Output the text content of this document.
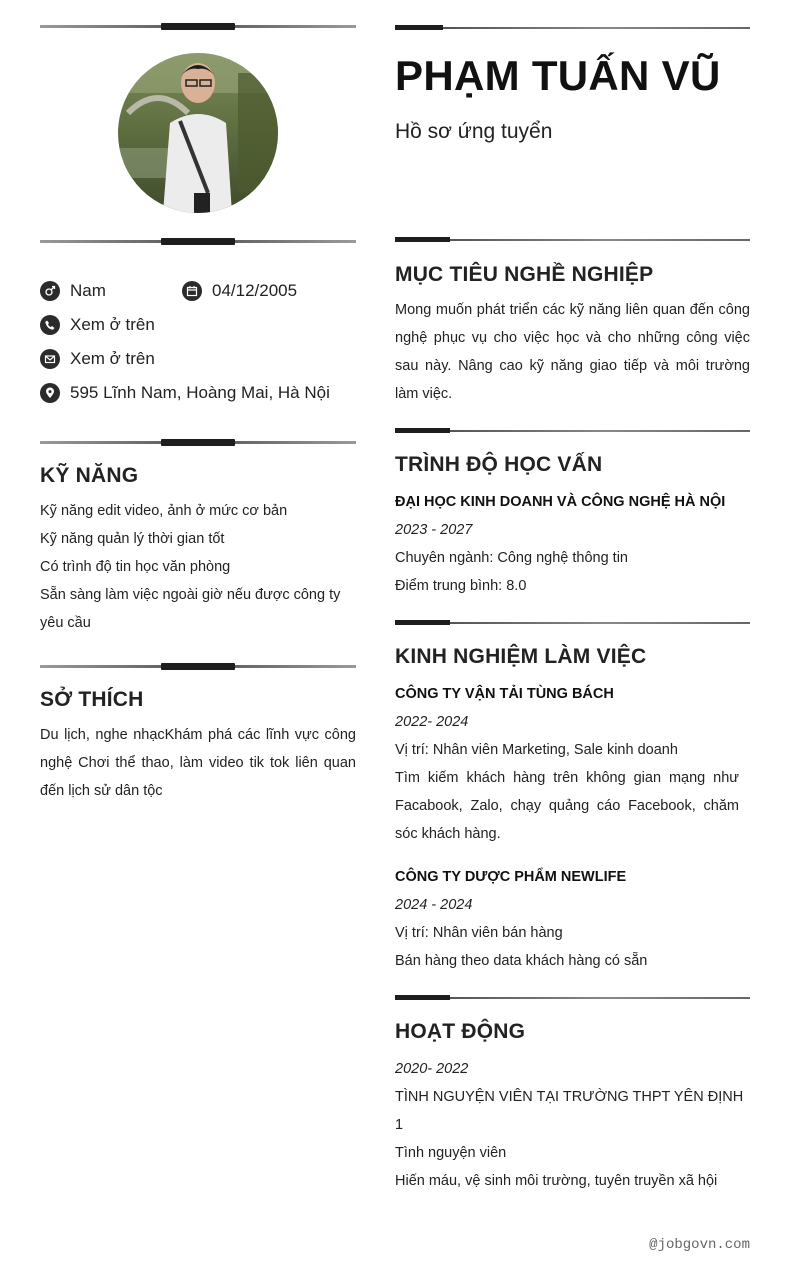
Nam	04/12/2005
Xem ở trên
Xem ở trên
595 Lĩnh Nam, Hoàng Mai, Hà Nội
KỸ NĂNG
Kỹ năng edit video, ảnh ở mức cơ bản
Kỹ năng quản lý thời gian tốt
Có trình độ tin học văn phòng
Sẵn sàng làm việc ngoài giờ nếu được công ty yêu cầu
SỞ THÍCH
Du lịch, nghe nhạcKhám phá các lĩnh vực công nghệ Chơi thể thao, làm video tik tok liên quan đến lịch sử dân tộc
PHẠM TUẤN VŨ
Hồ sơ ứng tuyển
MỤC TIÊU NGHỀ NGHIỆP
Mong muốn phát triển các kỹ năng liên quan đến công nghệ phục vụ cho việc học và cho những công việc sau này. Nâng cao kỹ năng giao tiếp và môi trường làm việc.
TRÌNH ĐỘ HỌC VẤN
ĐẠI HỌC KINH DOANH VÀ CÔNG NGHỆ HÀ NỘI
2023 - 2027
Chuyên ngành: Công nghệ thông tin
Điểm trung bình: 8.0
KINH NGHIỆM LÀM VIỆC
CÔNG TY VẬN TẢI TÙNG BÁCH
2022- 2024
Vị trí: Nhân viên Marketing, Sale kinh doanh
Tìm kiếm khách hàng trên không gian mạng như Facabook, Zalo, chạy quảng cáo Facebook, chăm sóc khách hàng.
CÔNG TY DƯỢC PHẨM NEWLIFE
2024 - 2024
Vị trí: Nhân viên bán hàng
Bán hàng theo data khách hàng có sẵn
HOẠT ĐỘNG
2020- 2022
TÌNH NGUYỆN VIÊN TẠI TRƯỜNG THPT YÊN ĐỊNH 1
Tình nguyện viên
Hiến máu, vệ sinh môi trường, tuyên truyền xã hội
@jobgovn.com
